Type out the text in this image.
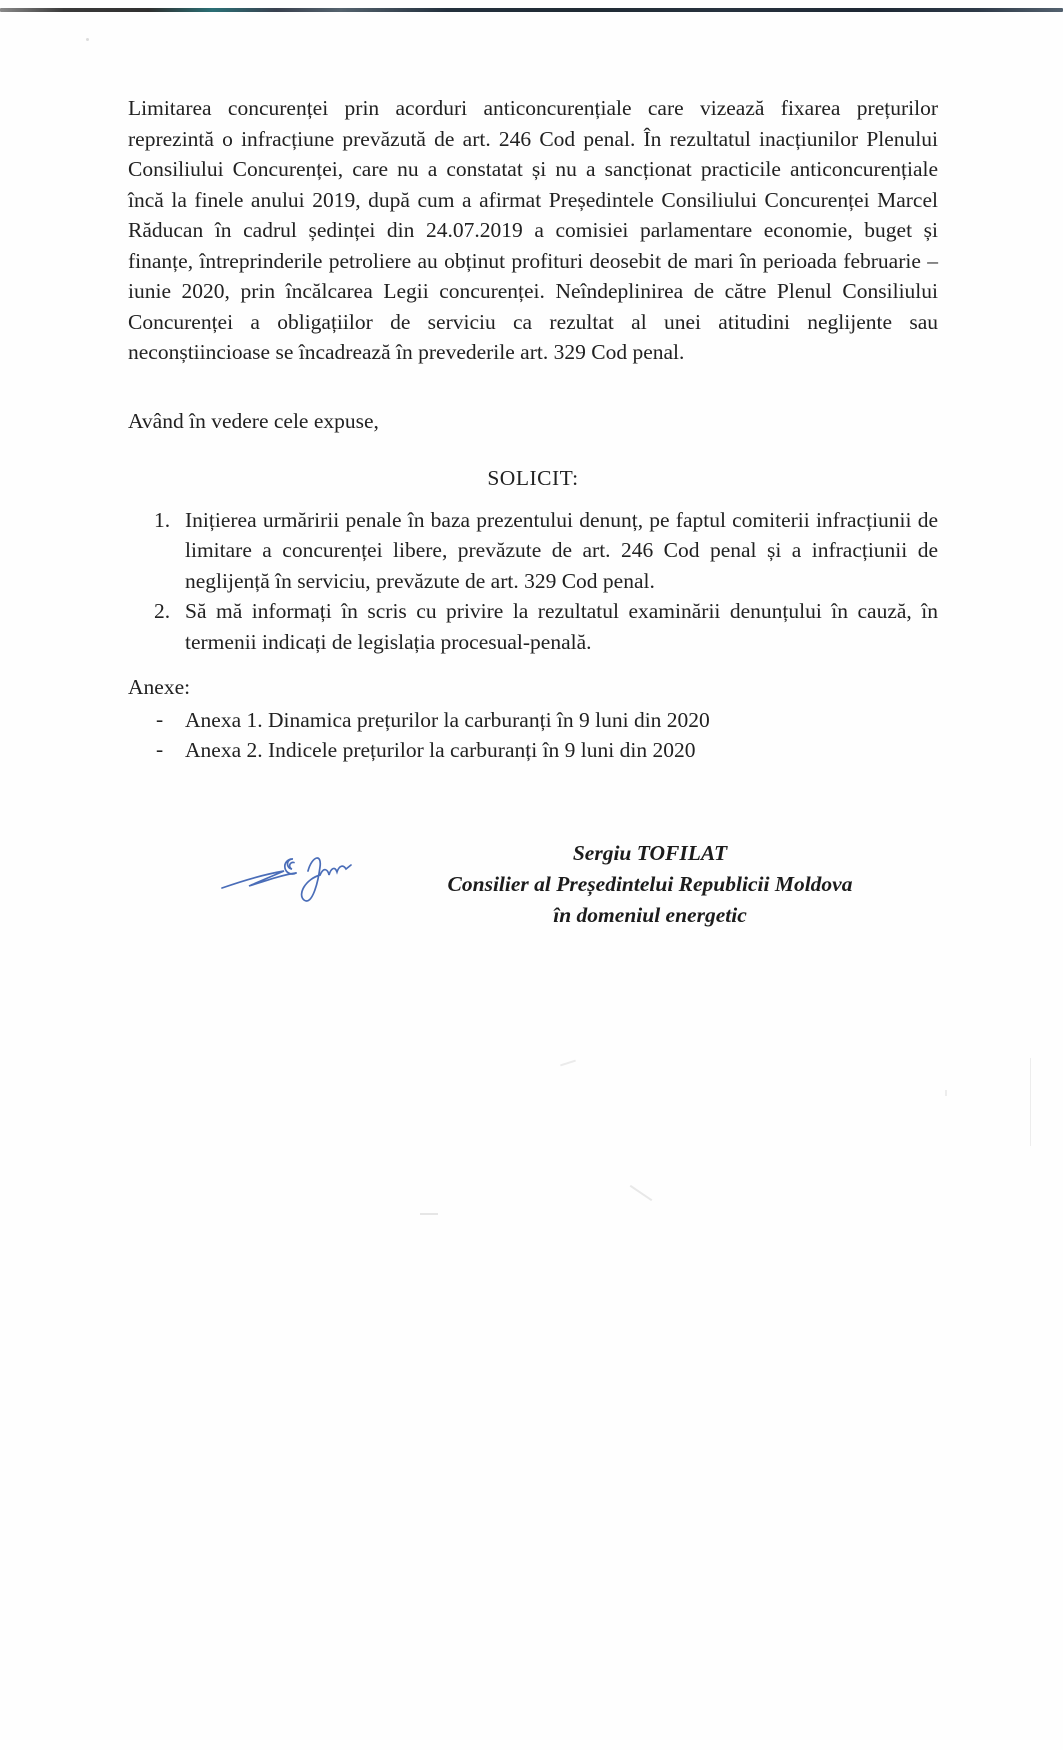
Limitarea concurenței prin acorduri anticoncurențiale care vizează fixarea prețurilor reprezintă o infracțiune prevăzută de art. 246 Cod penal. În rezultatul inacțiunilor Plenului Consiliului Concurenței, care nu a constatat și nu a sancționat practicile anticoncurențiale încă la finele anului 2019, după cum a afirmat Președintele Consiliului Concurenței Marcel Răducan în cadrul ședinței din 24.07.2019 a comisiei parlamentare economie, buget și finanțe, întreprinderile petroliere au obținut profituri deosebit de mari în perioada februarie – iunie 2020, prin încălcarea Legii concurenței. Neîndeplinirea de către Plenul Consiliului Concurenței a obligațiilor de serviciu ca rezultat al unei atitudini neglijente sau neconștiincioase se încadrează în prevederile art. 329 Cod penal.

Având în vedere cele expuse,

SOLICIT:
1. Inițierea urmăririi penale în baza prezentului denunț, pe faptul comiterii infracțiunii de limitare a concurenței libere, prevăzute de art. 246 Cod penal și a infracțiunii de neglijență în serviciu, prevăzute de art. 329 Cod penal.
2. Să mă informați în scris cu privire la rezultatul examinării denunțului în cauză, în termenii indicați de legislația procesual-penală.
Anexe:
- Anexa 1. Dinamica prețurilor la carburanți în 9 luni din 2020
- Anexa 2. Indicele prețurilor la carburanți în 9 luni din 2020
Sergiu TOFILAT
Consilier al Președintelui Republicii Moldova
în domeniul energetic
